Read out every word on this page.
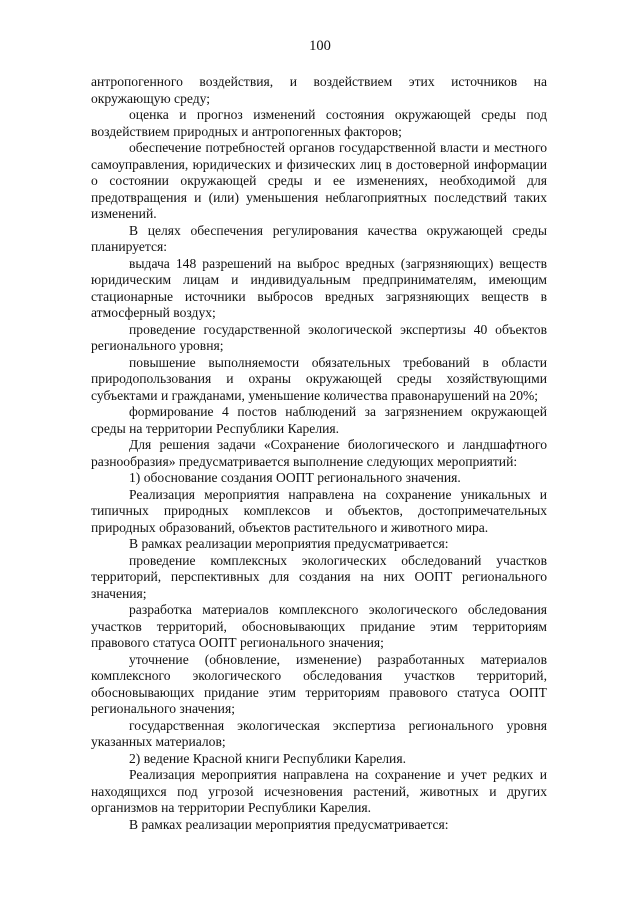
100

антропогенного воздействия, и воздействием этих источников на окружающую среду;

оценка и прогноз изменений состояния окружающей среды под воздействием природных и антропогенных факторов;

обеспечение потребностей органов государственной власти и местного самоуправления, юридических и физических лиц в достоверной информации о состоянии окружающей среды и ее изменениях, необходимой для предотвращения и (или) уменьшения неблагоприятных последствий таких изменений.

В целях обеспечения регулирования качества окружающей среды планируется:

выдача 148 разрешений на выброс вредных (загрязняющих) веществ юридическим лицам и индивидуальным предпринимателям, имеющим стационарные источники выбросов вредных загрязняющих веществ в атмосферный воздух;

проведение государственной экологической экспертизы 40 объектов регионального уровня;

повышение выполняемости обязательных требований в области природопользования и охраны окружающей среды хозяйствующими субъектами и гражданами, уменьшение количества правонарушений на 20%;

формирование 4 постов наблюдений за загрязнением окружающей среды на территории Республики Карелия.

Для решения задачи «Сохранение биологического и ландшафтного разнообразия» предусматривается выполнение следующих мероприятий:

1) обоснование создания ООПТ регионального значения.

Реализация мероприятия направлена на сохранение уникальных и типичных природных комплексов и объектов, достопримечательных природных образований, объектов растительного и животного мира.

В рамках реализации мероприятия предусматривается:

проведение комплексных экологических обследований участков территорий, перспективных для создания на них ООПТ регионального значения;

разработка материалов комплексного экологического обследования участков территорий, обосновывающих придание этим территориям правового статуса ООПТ регионального значения;

уточнение (обновление, изменение) разработанных материалов комплексного экологического обследования участков территорий, обосновывающих придание этим территориям правового статуса ООПТ регионального значения;

государственная экологическая экспертиза регионального уровня указанных материалов;

2) ведение Красной книги Республики Карелия.

Реализация мероприятия направлена на сохранение и учет редких и находящихся под угрозой исчезновения растений, животных и других организмов на территории Республики Карелия.

В рамках реализации мероприятия предусматривается:
